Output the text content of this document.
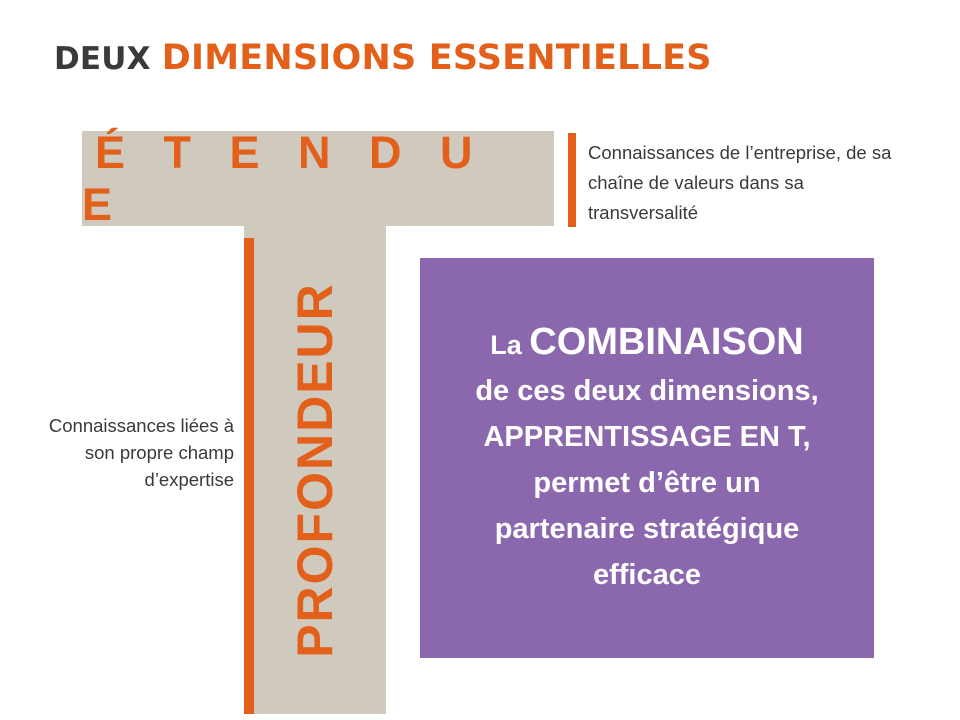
DEUX DIMENSIONS ESSENTIELLES
É T E N D U E
PROFONDEUR
Connaissances de l’entreprise, de sa chaîne de valeurs dans sa transversalité
Connaissances liées à son propre champ d’expertise
La COMBINAISON
de ces deux dimensions,
APPRENTISSAGE EN T,
permet d’être un
partenaire stratégique
efficace
